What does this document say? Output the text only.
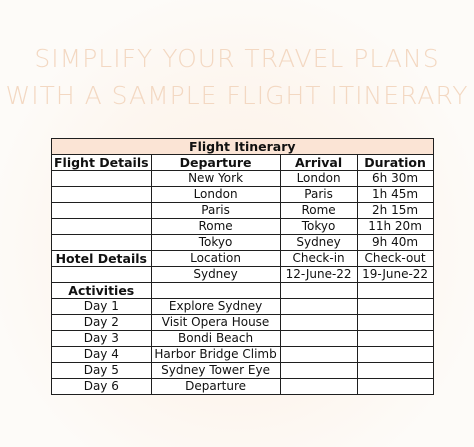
SIMPLIFY YOUR TRAVEL PLANS
WITH A SAMPLE FLIGHT ITINERARY
Flight Itinerary			
Flight Details	Departure	Arrival	Duration
	New York	London	6h 30m
	London	Paris	1h 45m
	Paris	Rome	2h 15m
	Rome	Tokyo	11h 20m
	Tokyo	Sydney	9h 40m
Hotel Details	Location	Check-in	Check-out
	Sydney	12-June-22	19-June-22
Activities			
Day 1	Explore Sydney		
Day 2	Visit Opera House		
Day 3	Bondi Beach		
Day 4	Harbor Bridge Climb		
Day 5	Sydney Tower Eye		
Day 6	Departure		
